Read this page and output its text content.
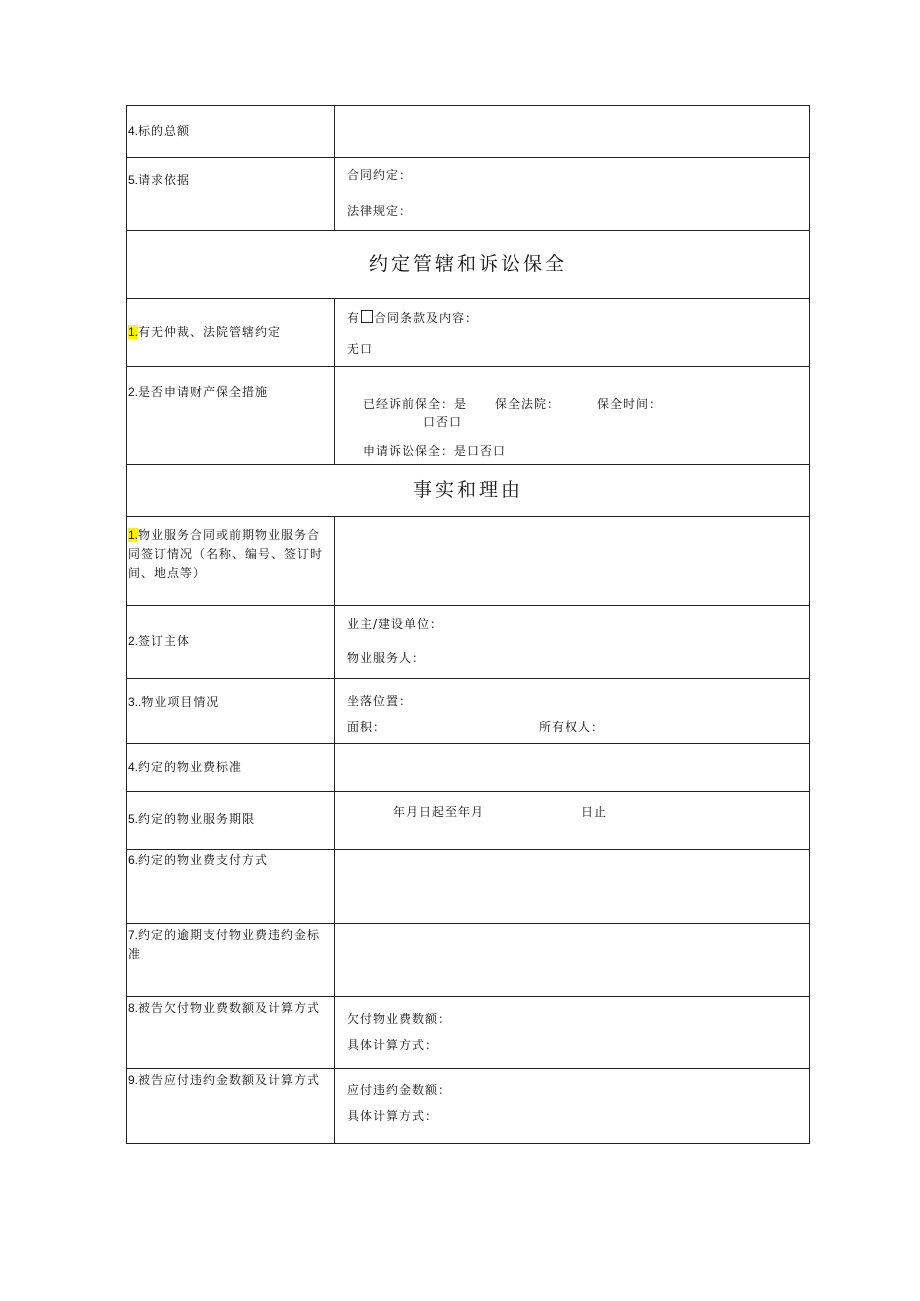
4.标的总额	

5.请求依据	合同约定：
法律规定：

约定管辖和诉讼保全	

1.有无仲裁、法院管辖约定	有 合同条款及内容：
无口

2.是否申请财产保全措施	已经诉前保全：是 保全法院： 保全时间：
口否口
申请诉讼保全：是口否口

事实和理由	

1.物业服务合同或前期物业服务合同签订情况（名称、编号、签订时间、地点等）	

2.签订主体	业主/建设单位：
物业服务人：

3..物业项目情况	坐落位置：
面积： 所有权人：

4.约定的物业费标准	

5.约定的物业服务期限	年月日起至年月 日止

6.约定的物业费支付方式	

7.约定的逾期支付物业费违约金标准	

8.被告欠付物业费数额及计算方式	欠付物业费数额：
具体计算方式：

9.被告应付违约金数额及计算方式	应付违约金数额：
具体计算方式：
